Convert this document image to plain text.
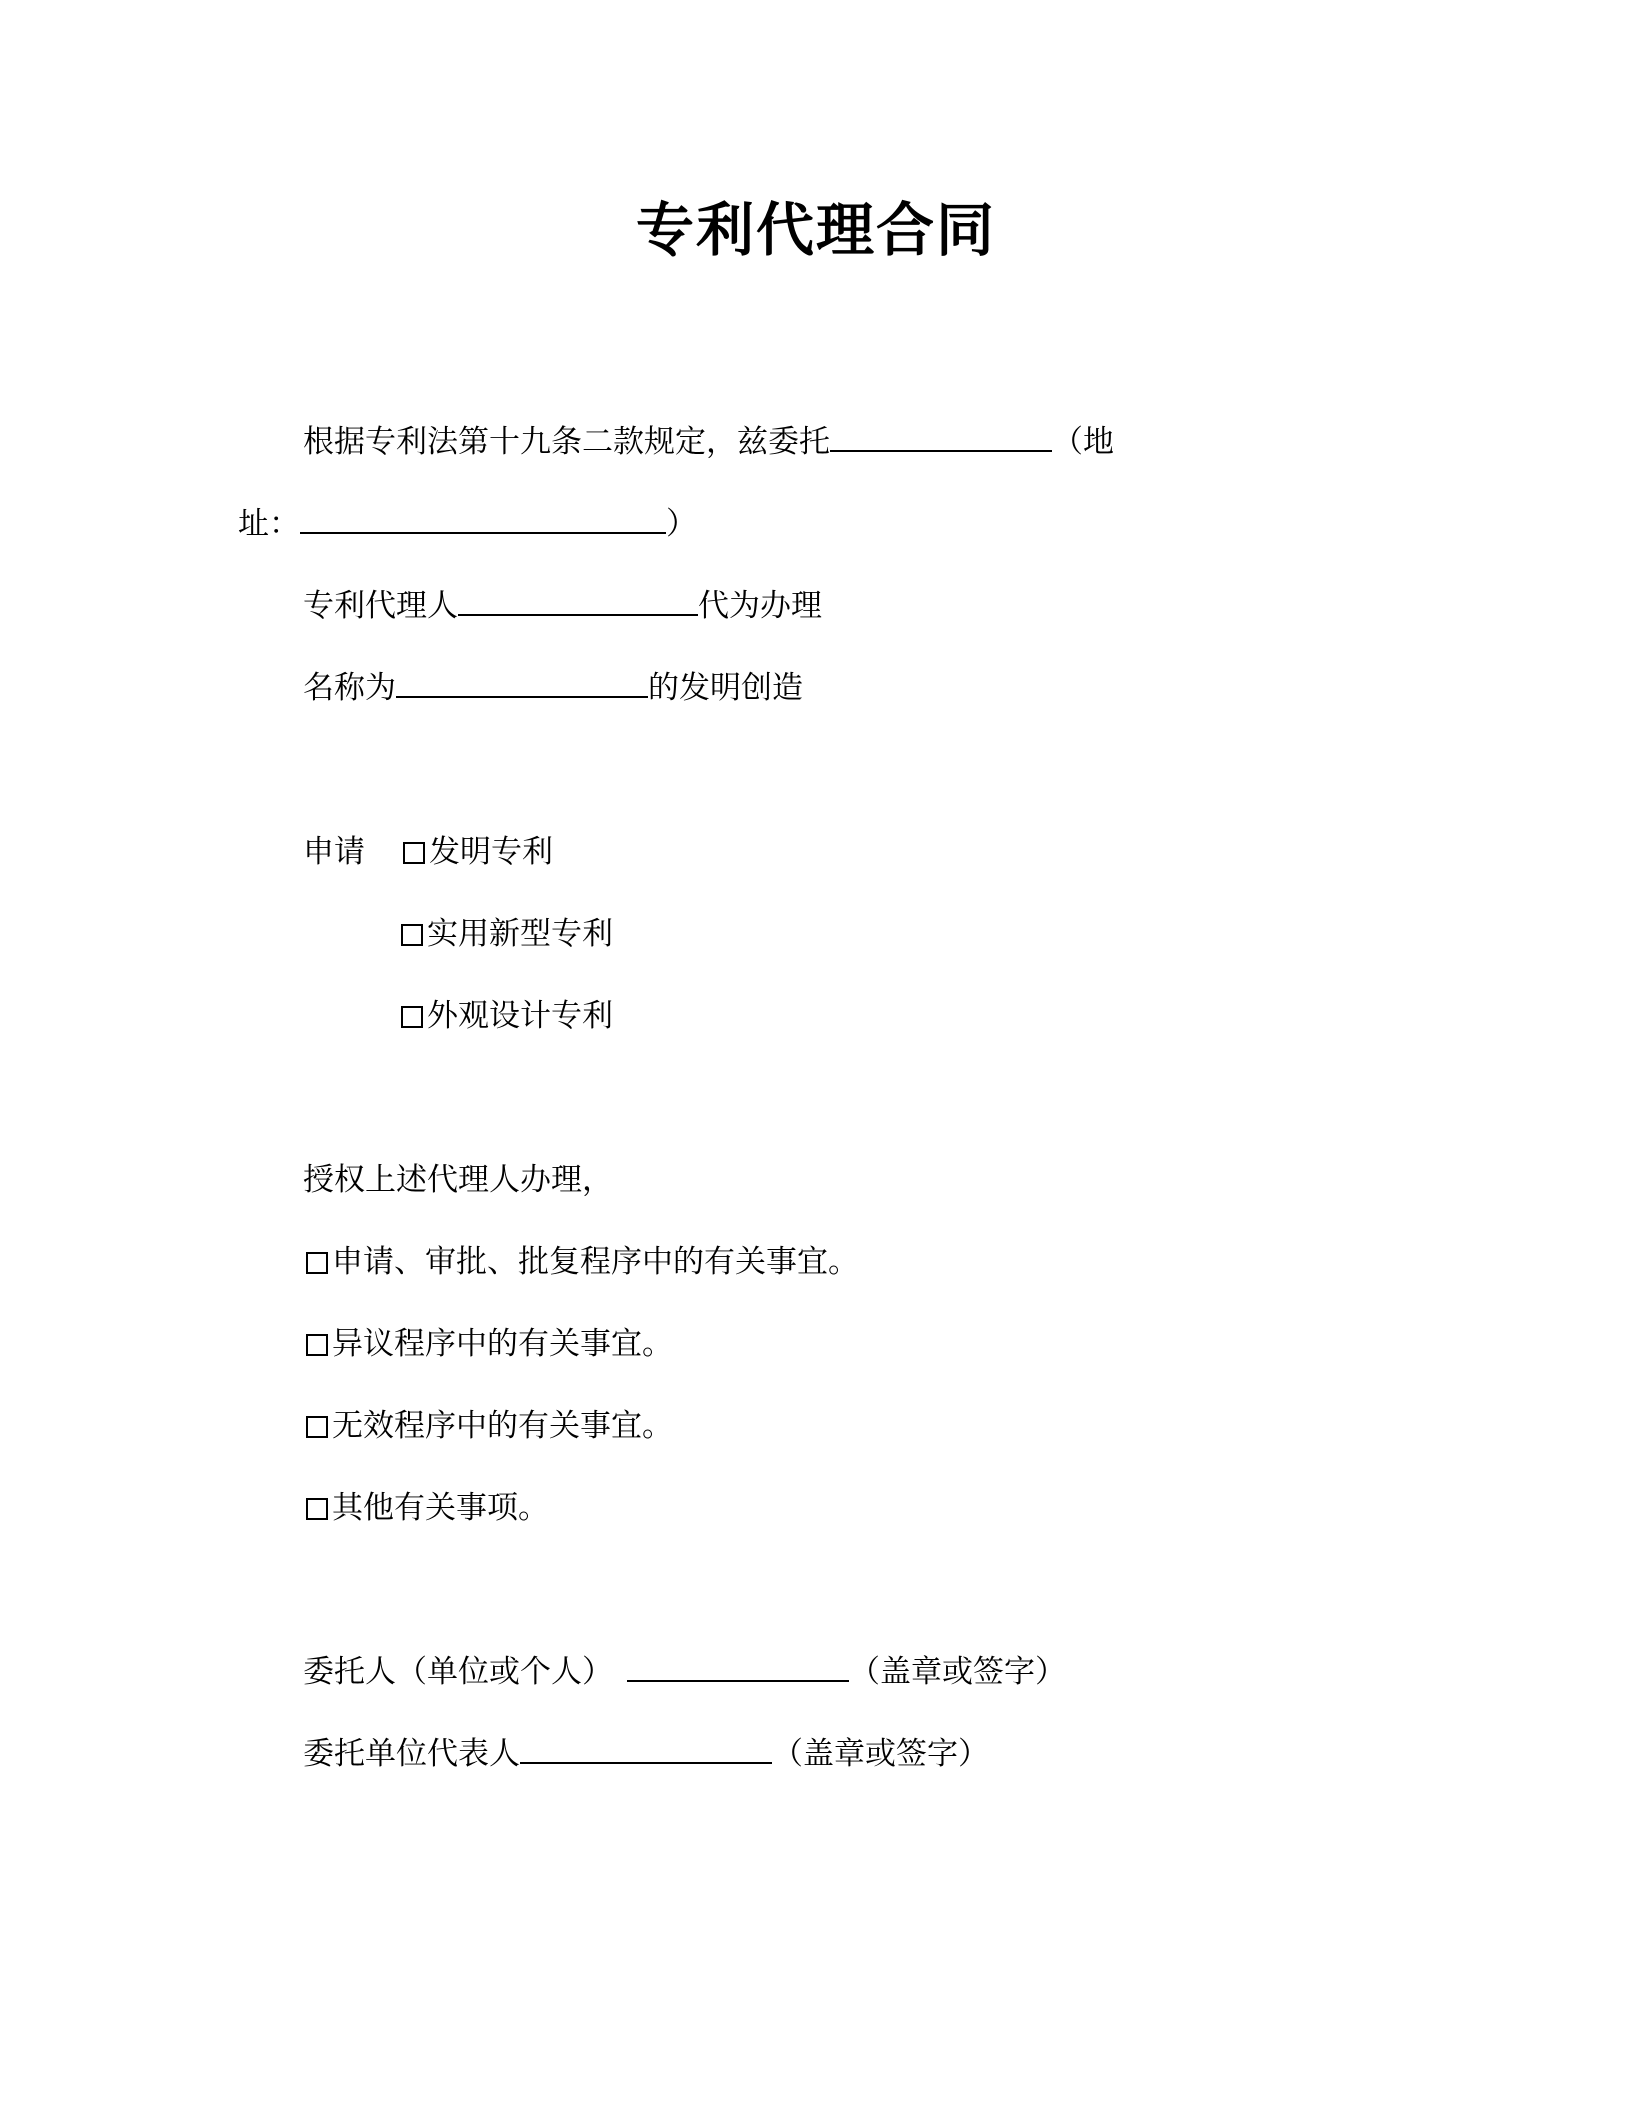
专利代理合同
根据专利法第十九条二款规定，兹委托	（地
址：	）
专利代理人	代为办理
名称为	的发明创造
申请 发明专利
实用新型专利
外观设计专利
授权上述代理人办理，
申请、审批、批复程序中的有关事宜。
异议程序中的有关事宜。
无效程序中的有关事宜。
其他有关事项。
委托人（单位或个人）	（盖章或签字）
委托单位代表人	（盖章或签字）
